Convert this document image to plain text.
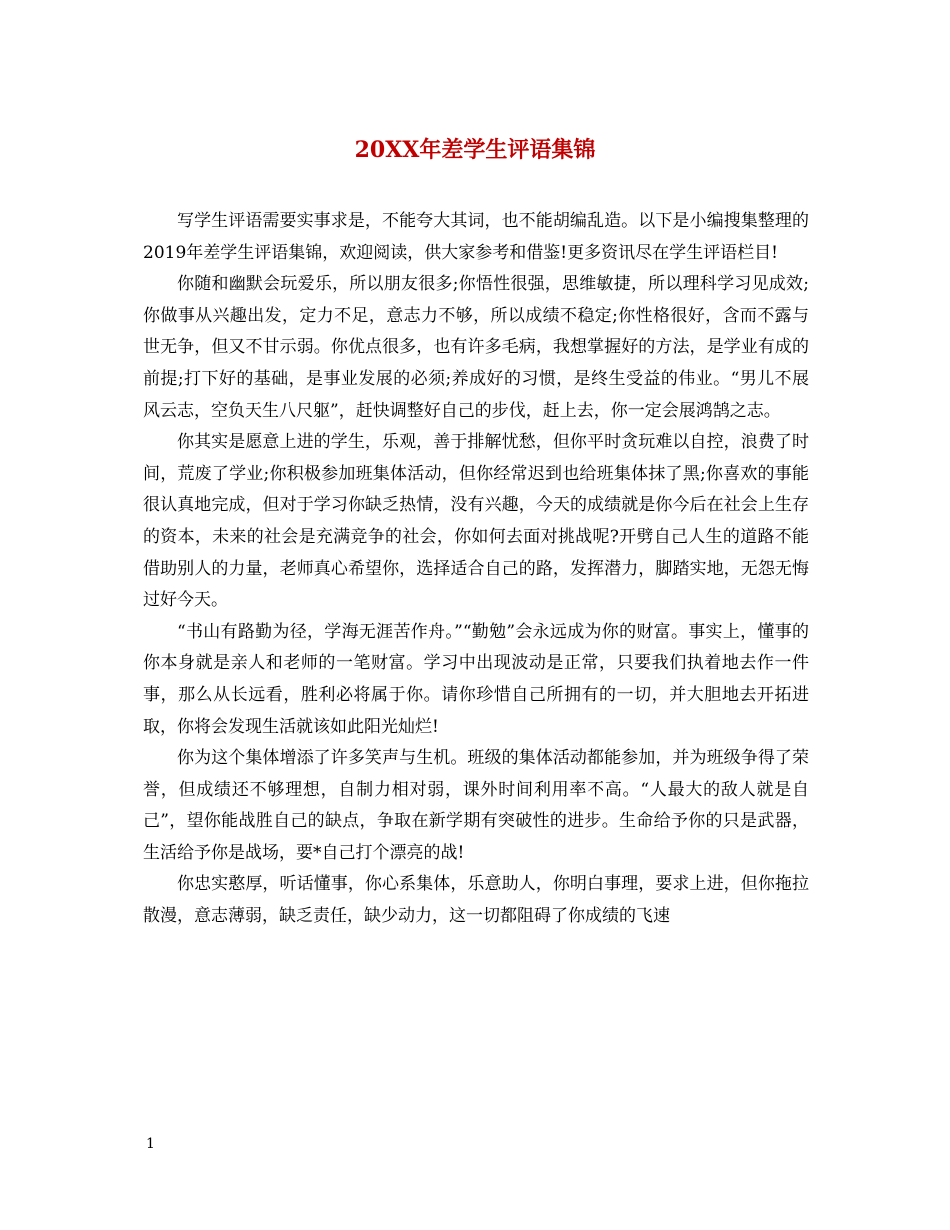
20XX年差学生评语集锦

写学生评语需要实事求是，不能夸大其词，也不能胡编乱造。以下是小编搜集整理的2019年差学生评语集锦，欢迎阅读，供大家参考和借鉴!更多资讯尽在学生评语栏目!

你随和幽默会玩爱乐，所以朋友很多;你悟性很强，思维敏捷，所以理科学习见成效;你做事从兴趣出发，定力不足，意志力不够，所以成绩不稳定;你性格很好，含而不露与世无争，但又不甘示弱。你优点很多，也有许多毛病，我想掌握好的方法，是学业有成的前提;打下好的基础，是事业发展的必须;养成好的习惯，是终生受益的伟业。“男儿不展风云志，空负天生八尺躯”，赶快调整好自己的步伐，赶上去，你一定会展鸿鹄之志。

你其实是愿意上进的学生，乐观，善于排解忧愁，但你平时贪玩难以自控，浪费了时间，荒废了学业;你积极参加班集体活动，但你经常迟到也给班集体抹了黑;你喜欢的事能很认真地完成，但对于学习你缺乏热情，没有兴趣，今天的成绩就是你今后在社会上生存的资本，未来的社会是充满竞争的社会，你如何去面对挑战呢?开劈自己人生的道路不能借助别人的力量，老师真心希望你，选择适合自己的路，发挥潜力，脚踏实地，无怨无悔过好今天。

“书山有路勤为径，学海无涯苦作舟。”“勤勉”会永远成为你的财富。事实上，懂事的你本身就是亲人和老师的一笔财富。学习中出现波动是正常，只要我们执着地去作一件事，那么从长远看，胜利必将属于你。请你珍惜自己所拥有的一切，并大胆地去开拓进取，你将会发现生活就该如此阳光灿烂!

你为这个集体增添了许多笑声与生机。班级的集体活动都能参加，并为班级争得了荣誉，但成绩还不够理想，自制力相对弱，课外时间利用率不高。“人最大的敌人就是自己”，望你能战胜自己的缺点，争取在新学期有突破性的进步。生命给予你的只是武器，生活给予你是战场，要*自己打个漂亮的战!

你忠实憨厚，听话懂事，你心系集体，乐意助人，你明白事理，要求上进，但你拖拉散漫，意志薄弱，缺乏责任，缺少动力，这一切都阻碍了你成绩的飞速

1
